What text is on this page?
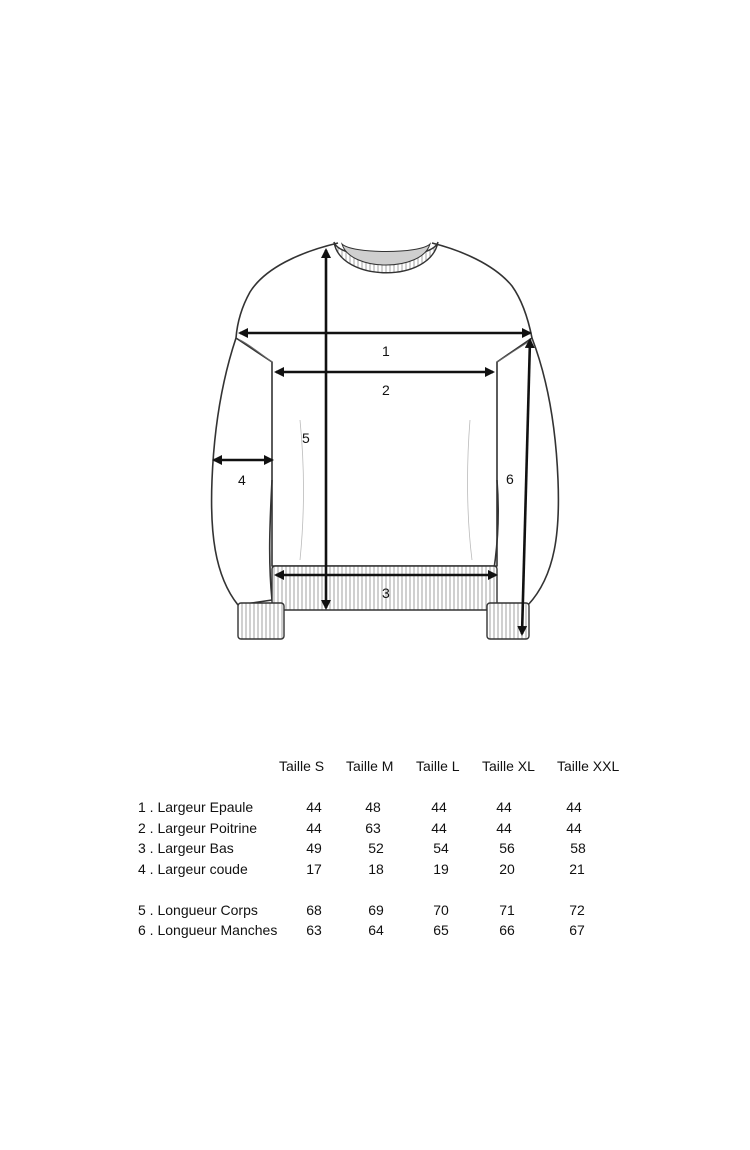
1
2
3
4
5
6
Taille S Taille M Taille L Taille XL Taille XXL
1 . Largeur Epaule	44	48	44	44	44
2 . Largeur Poitrine	44	63	44	44	44
3 . Largeur Bas	49	52	54	56	58
4 . Largeur coude	17	18	19	20	21
5 . Longueur Corps	68	69	70	71	72
6 . Longueur Manches	63	64	65	66	67
